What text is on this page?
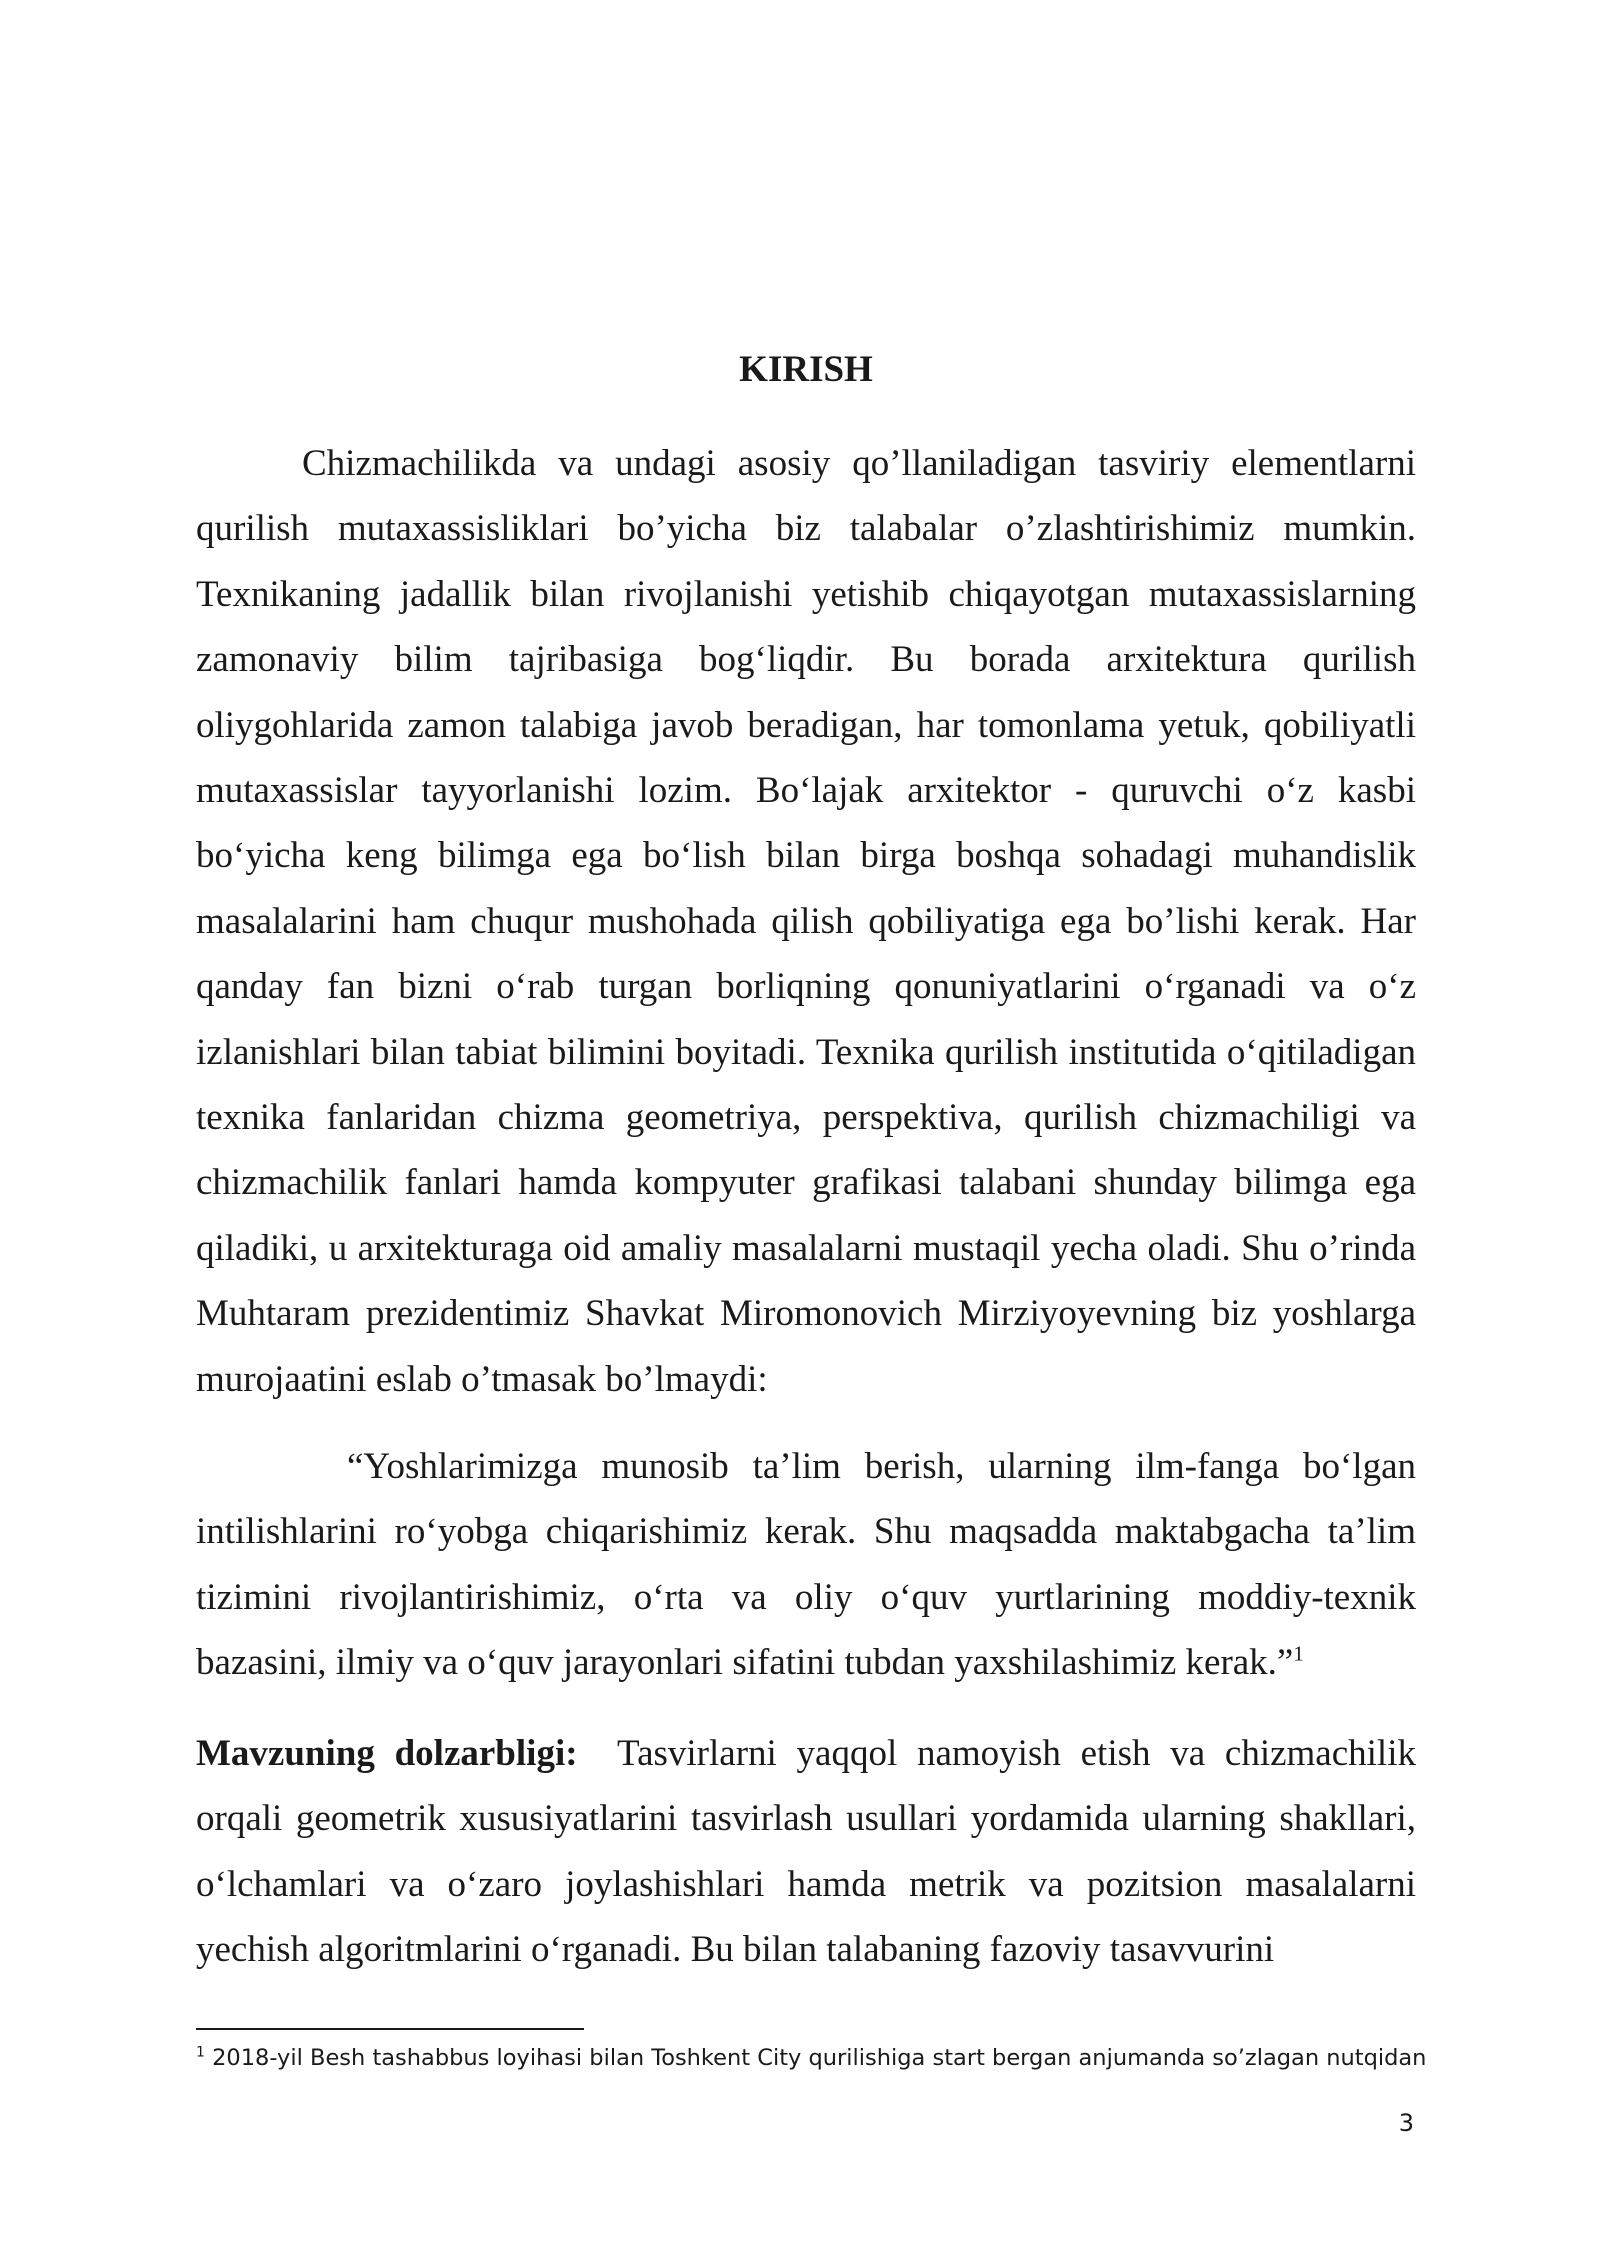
KIRISH

Chizmachilikda va undagi asosiy qo’llaniladigan tasviriy elementlarni qurilish mutaxassisliklari bo’yicha biz talabalar o’zlashtirishimiz mumkin. Texnikaning jadallik bilan rivojlanishi yetishib chiqayotgan mutaxassislarning zamonaviy bilim tajribasiga bog‘liqdir. Bu borada arxitektura qurilish oliygohlarida zamon talabiga javob beradigan, har tomonlama yetuk, qobiliyatli mutaxassislar tayyorlanishi lozim. Bo‘lajak arxitektor - quruvchi o‘z kasbi bo‘yicha keng bilimga ega bo‘lish bilan birga boshqa sohadagi muhandislik masalalarini ham chuqur mushohada qilish qobiliyatiga ega bo’lishi kerak. Har qanday fan bizni o‘rab turgan borliqning qonuniyatlarini o‘rganadi va o‘z izlanishlari bilan tabiat bilimini boyitadi. Texnika qurilish institutida o‘qitiladigan texnika fanlaridan chizma geometriya, perspektiva, qurilish chizmachiligi va chizmachilik fanlari hamda kompyuter grafikasi talabani shunday bilimga ega qiladiki, u arxitekturaga oid amaliy masalalarni mustaqil yecha oladi. Shu o’rinda Muhtaram prezidentimiz Shavkat Miromonovich Mirziyoyevning biz yoshlarga murojaatini eslab o’tmasak bo’lmaydi:

“Yoshlarimizga munosib ta’lim berish, ularning ilm-fanga bo‘lgan intilishlarini ro‘yobga chiqarishimiz kerak. Shu maqsadda maktabgacha ta’lim tizimini rivojlantirishimiz, o‘rta va oliy o‘quv yurtlarining moddiy-texnik bazasini, ilmiy va o‘quv jarayonlari sifatini tubdan yaxshilashimiz kerak.”$^1$

Mavzuning dolzarbligi: Tasvirlarni yaqqol namoyish etish va chizmachilik orqali geometrik xususiyatlarini tasvirlash usullari yordamida ularning shakllari, o‘lchamlari va o‘zaro joylashishlari hamda metrik va pozitsion masalalarni yechish algoritmlarini o‘rganadi. Bu bilan talabaning fazoviy tasavvurini

$^1$ 2018-yil Besh tashabbus loyihasi bilan Toshkent City qurilishiga start bergan anjumanda so’zlagan nutqidan

3
